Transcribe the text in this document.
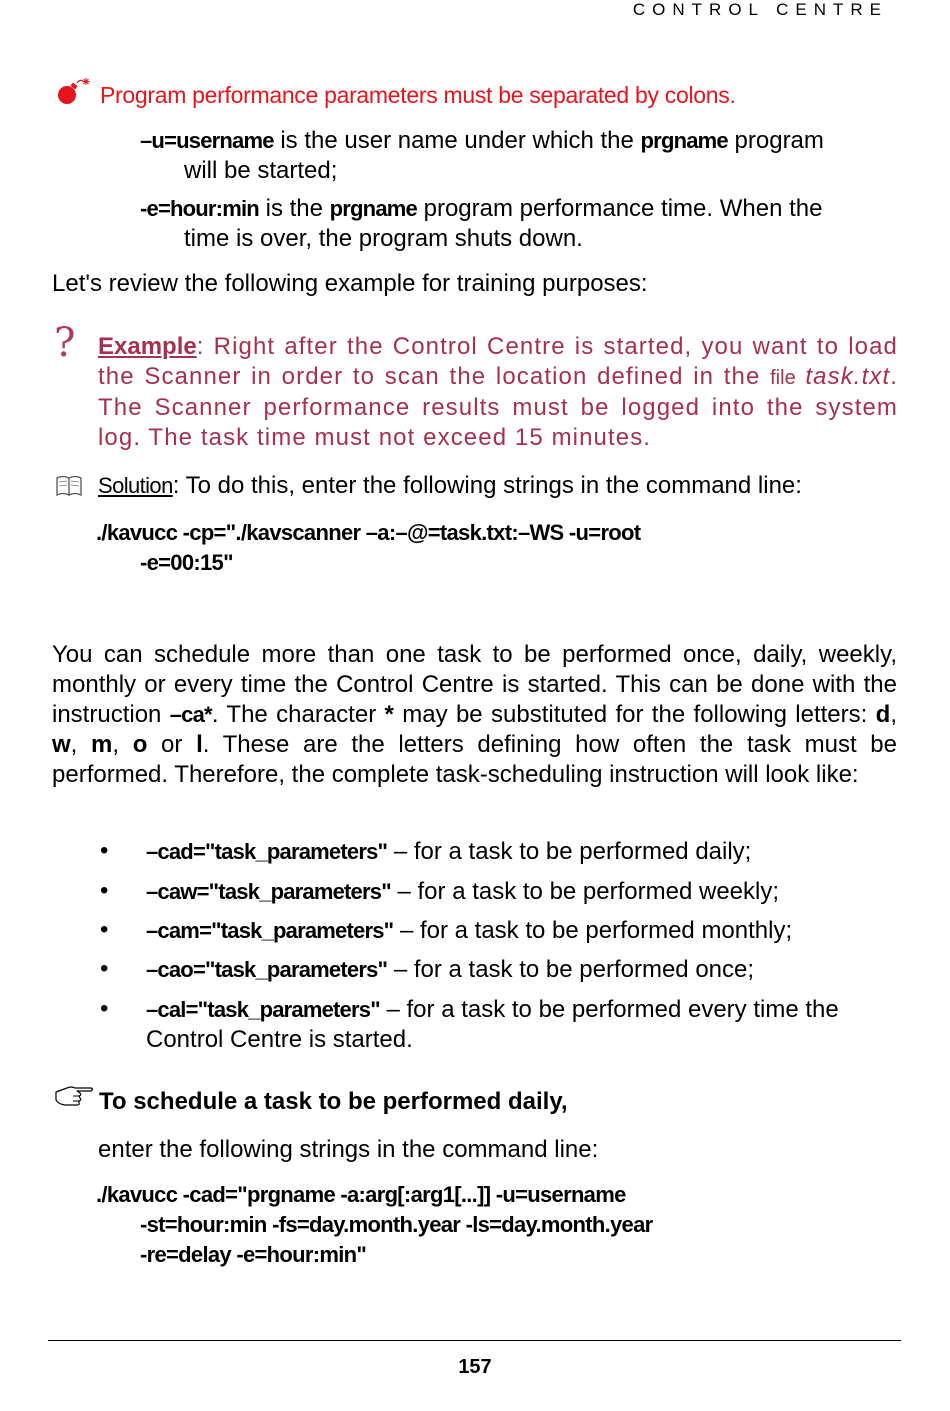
CONTROL CENTRE
Program performance parameters must be separated by colons.
–u=username is the user name under which the prgname program
will be started;
-e=hour:min is the prgname program performance time. When the
time is over, the program shuts down.
Let's review the following example for training purposes:
? Example: Right after the Control Centre is started, you want to load the Scanner in order to scan the location defined in the file task.txt. The Scanner performance results must be logged into the system log. The task time must not exceed 15 minutes.
Solution: To do this, enter the following strings in the command line:
./kavucc -cp="./kavscanner –a:–@=task.txt:–WS -u=root
-e=00:15"
You can schedule more than one task to be performed once, daily, weekly, monthly or every time the Control Centre is started. This can be done with the instruction –ca*. The character * may be substituted for the following letters: d, w, m, o or l. These are the letters defining how often the task must be performed. Therefore, the complete task-scheduling instruction will look like:
• –cad="task_parameters" – for a task to be performed daily;
• –caw="task_parameters" – for a task to be performed weekly;
• –cam="task_parameters" – for a task to be performed monthly;
• –cao="task_parameters" – for a task to be performed once;
• –cal="task_parameters" – for a task to be performed every time the Control Centre is started.
To schedule a task to be performed daily,
enter the following strings in the command line:
./kavucc -cad="prgname -a:arg[:arg1[...]] -u=username
-st=hour:min -fs=day.month.year -ls=day.month.year
-re=delay -e=hour:min"
157
